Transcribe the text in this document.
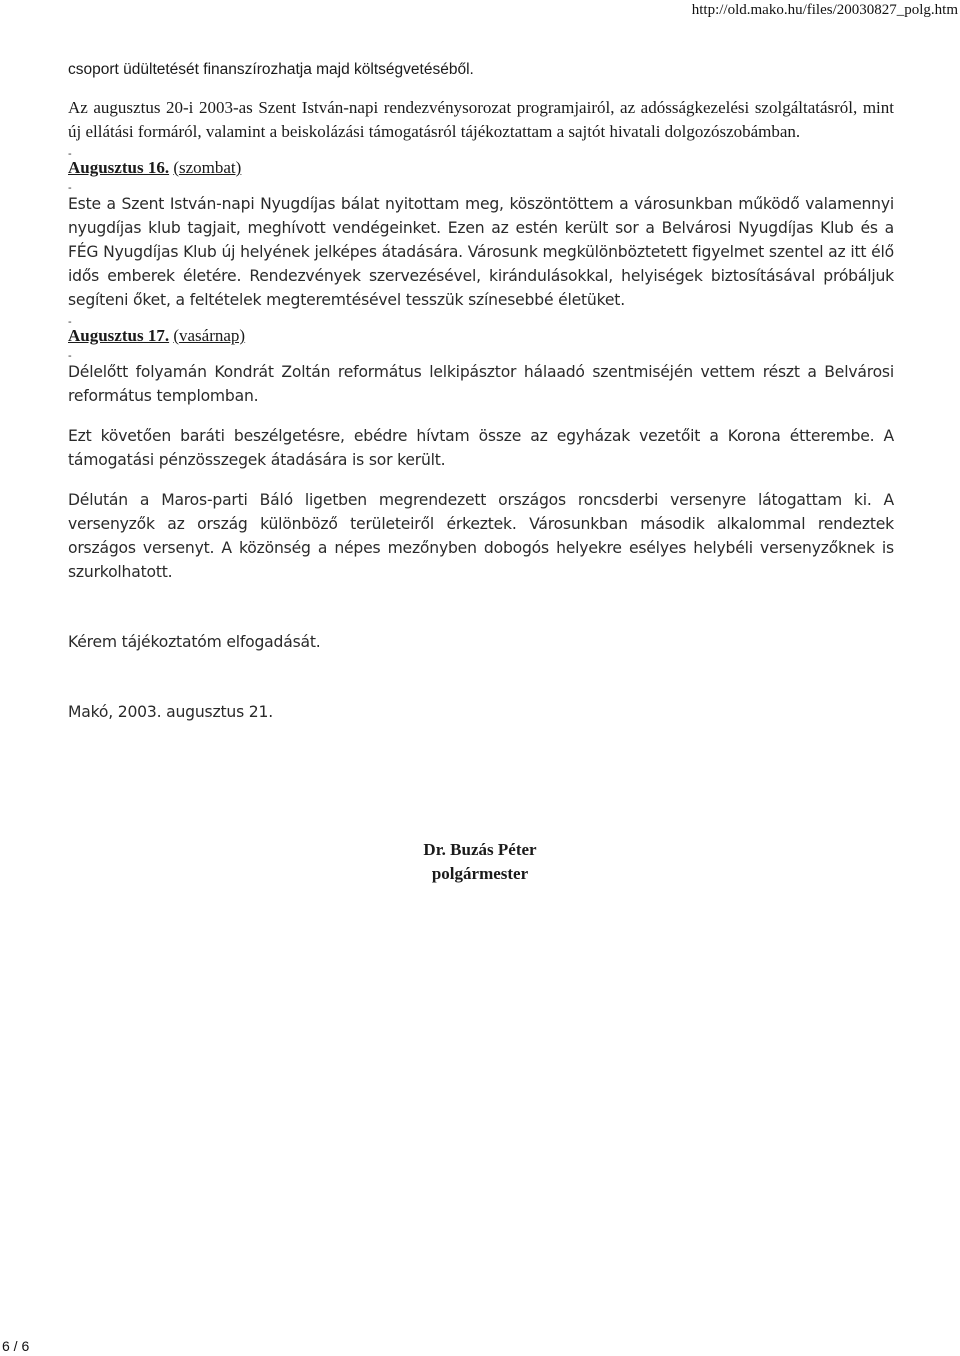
http://old.mako.hu/files/20030827_polg.htm

csoport üdültetését finanszírozhatja majd költségvetéséből.

Az augusztus 20-i 2003-as Szent István-napi rendezvénysorozat programjairól, az adósságkezelési szolgáltatásról, mint új ellátási formáról, valamint a beiskolázási támogatásról tájékoztattam a sajtót hivatali dolgozószobámban.

-
Augusztus 16. (szombat)
-

Este a Szent István-napi Nyugdíjas bálat nyitottam meg, köszöntöttem a városunkban működő valamennyi nyugdíjas klub tagjait, meghívott vendégeinket. Ezen az estén került sor a Belvárosi Nyugdíjas Klub és a FÉG Nyugdíjas Klub új helyének jelképes átadására. Városunk megkülönböztetett figyelmet szentel az itt élő idős emberek életére. Rendezvények szervezésével, kirándulásokkal, helyiségek biztosításával próbáljuk segíteni őket, a feltételek megteremtésével tesszük színesebbé életüket.

-
Augusztus 17. (vasárnap)
-

Délelőtt folyamán Kondrát Zoltán református lelkipásztor hálaadó szentmiséjén vettem részt a Belvárosi református templomban.

Ezt követően baráti beszélgetésre, ebédre hívtam össze az egyházak vezetőit a Korona étterembe. A támogatási pénzösszegek átadására is sor került.

Délután a Maros-parti Báló ligetben megrendezett országos roncsderbi versenyre látogattam ki. A versenyzők az ország különböző területeiről érkeztek. Városunkban második alkalommal rendeztek országos versenyt. A közönség a népes mezőnyben dobogós helyekre esélyes helybéli versenyzőknek is szurkolhatott.

Kérem tájékoztatóm elfogadását.

Makó, 2003. augusztus 21.

Dr. Buzás Péter
polgármester
6 / 6
